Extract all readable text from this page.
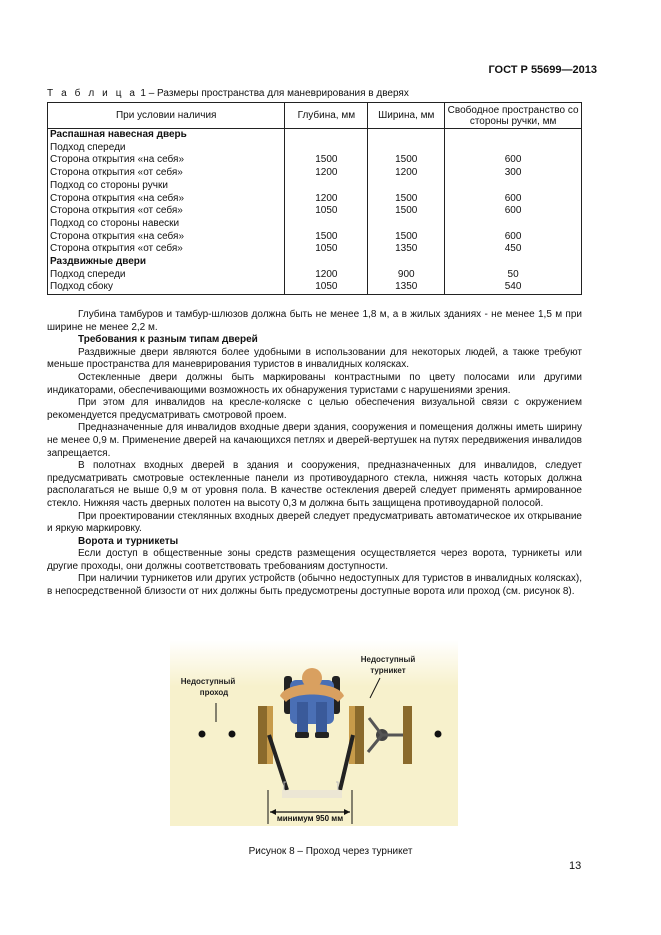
ГОСТ Р 55699—2013
Т а б л и ц а 1 – Размеры пространства для маневрирования в дверях
При условии наличия	Глубина, мм	Ширина, мм	Свободное пространство со стороны ручки, мм
Распашная навесная дверь			
Подход спереди			
Сторона открытия «на себя»	1500	1500	600
Сторона открытия «от себя»	1200	1200	300
Подход со стороны ручки			
Сторона открытия «на себя»	1200	1500	600
Сторона открытия «от себя»	1050	1500	600
Подход со стороны навески			
Сторона открытия «на себя»	1500	1500	600
Сторона открытия «от себя»	1050	1350	450
Раздвижные двери			
Подход спереди	1200	900	50
Подход сбоку	1050	1350	540

Глубина тамбуров и тамбур-шлюзов должна быть не менее 1,8 м, а в жилых зданиях - не менее 1,5 м при ширине не менее 2,2 м.

Требования к разным типам дверей

Раздвижные двери являются более удобными в использовании для некоторых людей, а также требуют меньше пространства для маневрирования туристов в инвалидных колясках.

Остекленные двери должны быть маркированы контрастными по цвету полосами или другими индикаторами, обеспечивающими возможность их обнаружения туристами с нарушениями зрения.

При этом для инвалидов на кресле-коляске с целью обеспечения визуальной связи с окружением рекомендуется предусматривать смотровой проем.

Предназначенные для инвалидов входные двери здания, сооружения и помещения должны иметь ширину не менее 0,9 м. Применение дверей на качающихся петлях и дверей-вертушек на путях передвижения инвалидов запрещается.

В полотнах входных дверей в здания и сооружения, предназначенных для инвалидов, следует предусматривать смотровые остекленные панели из противоударного стекла, нижняя часть которых должна располагаться не выше 0,9 м от уровня пола. В качестве остекления дверей следует применять армированное стекло. Нижняя часть дверных полотен на высоту 0,3 м должна быть защищена противоударной полосой.

При проектировании стеклянных входных дверей следует предусматривать автоматическое их открывание и яркую маркировку.

Ворота и турникеты

Если доступ в общественные зоны средств размещения осуществляется через ворота, турникеты или другие проходы, они должны соответствовать требованиям доступности.

При наличии турникетов или других устройств (обычно недоступных для туристов в инвалидных колясках), в непосредственной близости от них должны быть предусмотрены доступные ворота или проход (см. рисунок 8).

Недоступный
проход
Недоступный
турникет
минимум 950 мм
Рисунок 8 – Проход через турникет
13
